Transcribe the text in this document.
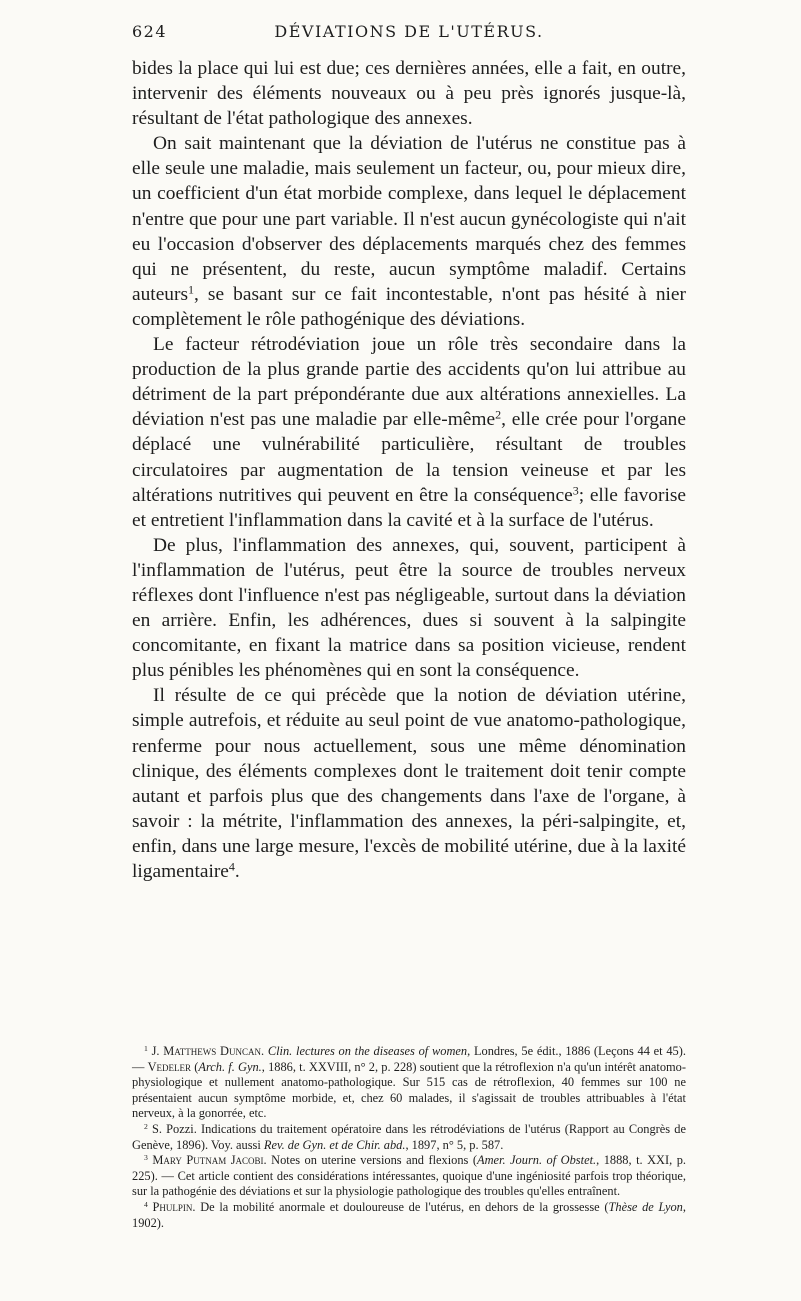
624	DÉVIATIONS DE L'UTÉRUS.

bides la place qui lui est due; ces dernières années, elle a fait, en outre, intervenir des éléments nouveaux ou à peu près ignorés jusque-là, résultant de l'état pathologique des annexes.

On sait maintenant que la déviation de l'utérus ne constitue pas à elle seule une maladie, mais seulement un facteur, ou, pour mieux dire, un coefficient d'un état morbide complexe, dans lequel le déplacement n'entre que pour une part variable. Il n'est aucun gynécologiste qui n'ait eu l'occasion d'observer des déplacements marqués chez des femmes qui ne présentent, du reste, aucun symptôme maladif. Certains auteurs$^1$, se basant sur ce fait incontestable, n'ont pas hésité à nier complètement le rôle pathogénique des déviations.

Le facteur rétrodéviation joue un rôle très secondaire dans la production de la plus grande partie des accidents qu'on lui attribue au détriment de la part prépondérante due aux altérations annexielles. La déviation n'est pas une maladie par elle-même$^2$, elle crée pour l'organe déplacé une vulnérabilité particulière, résultant de troubles circulatoires par augmentation de la tension veineuse et par les altérations nutritives qui peuvent en être la conséquence$^3$; elle favorise et entretient l'inflammation dans la cavité et à la surface de l'utérus.

De plus, l'inflammation des annexes, qui, souvent, participent à l'inflammation de l'utérus, peut être la source de troubles nerveux réflexes dont l'influence n'est pas négligeable, surtout dans la déviation en arrière. Enfin, les adhérences, dues si souvent à la salpingite concomitante, en fixant la matrice dans sa position vicieuse, rendent plus pénibles les phénomènes qui en sont la conséquence.

Il résulte de ce qui précède que la notion de déviation utérine, simple autrefois, et réduite au seul point de vue anatomo-pathologique, renferme pour nous actuellement, sous une même dénomination clinique, des éléments complexes dont le traitement doit tenir compte autant et parfois plus que des changements dans l'axe de l'organe, à savoir : la métrite, l'inflammation des annexes, la péri-salpingite, et, enfin, dans une large mesure, l'excès de mobilité utérine, due à la laxité ligamentaire$^4$.

$^1$ J. Matthews Duncan. Clin. lectures on the diseases of women, Londres, 5e édit., 1886 (Leçons 44 et 45). — Vedeler (Arch. f. Gyn., 1886, t. XXVIII, n° 2, p. 228) soutient que la rétroflexion n'a qu'un intérêt anatomo-physiologique et nullement anatomo-pathologique. Sur 515 cas de rétroflexion, 40 femmes sur 100 ne présentaient aucun symptôme morbide, et, chez 60 malades, il s'agissait de troubles attribuables à l'état nerveux, à la gonorrée, etc.

$^2$ S. Pozzi. Indications du traitement opératoire dans les rétrodéviations de l'utérus (Rapport au Congrès de Genève, 1896). Voy. aussi Rev. de Gyn. et de Chir. abd., 1897, n° 5, p. 587.

$^3$ Mary Putnam Jacobi. Notes on uterine versions and flexions (Amer. Journ. of Obstet., 1888, t. XXI, p. 225). — Cet article contient des considérations intéressantes, quoique d'une ingéniosité parfois trop théorique, sur la pathogénie des déviations et sur la physiologie pathologique des troubles qu'elles entraînent.

$^4$ Phulpin. De la mobilité anormale et douloureuse de l'utérus, en dehors de la grossesse (Thèse de Lyon, 1902).
